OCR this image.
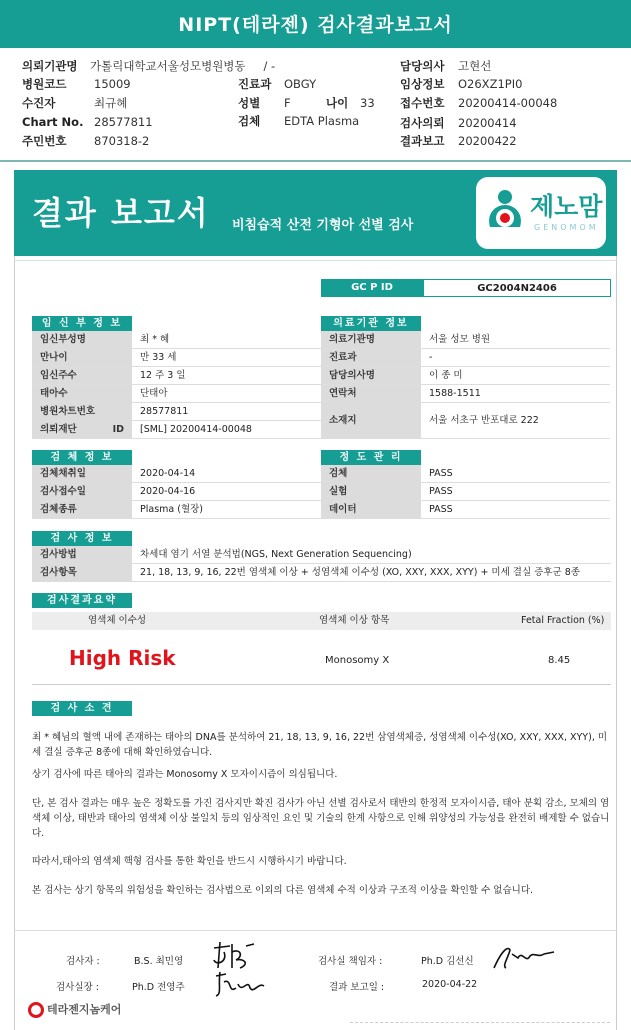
NIPT(테라젠) 검사결과보고서
의뢰기관명 가톨릭대학교서울성모병원병동 / -	담당의사 고현선
병원코드 15009	진료과 OBGY	임상정보 O26XZ1PI0
수진자	최규혜	성별 F	나이 33 접수번호 20200414-00048
Chart No. 28577811	검체 EDTA Plasma	검사의뢰 20200414
주민번호 870318-2	결과보고 20200422
결과 보고서 비침습적 산전 기형아 선별 검사
제노맘
GENOMOM
GC P ID	GC2004N2406
임 신 부 정 보
임신부성명	최 * 혜
만나이	만 33 세
임신주수	12 주 3 일
태아수	단태아
병원차트번호	28577811
의뢰재단 ID	[SML] 20200414-00048
의료기관 정보
의료기관명	서울 성모 병원
진료과	-
담당의사명	이 종 미
연락처	1588-1511
소재지	서울 서초구 반포대로 222
검 체 정 보
검체채취일	2020-04-14
검사접수일	2020-04-16
검체종류	Plasma (혈장)
정 도 관 리
검체	PASS
실험	PASS
데이터	PASS
검 사 정 보
검사방법	차세대 염기 서열 분석법(NGS, Next Generation Sequencing)
검사항목	21, 18, 13, 9, 16, 22번 염색체 이상 + 성염색체 이수성 (XO, XXY, XXX, XYY) + 미세 결실 증후군 8종
검사결과요약
염색체 이수성	염색체 이상 항목	Fetal Fraction (%)
High Risk	Monosomy X	8.45
검 사 소 견
최 * 혜님의 혈액 내에 존재하는 태아의 DNA를 분석하여 21, 18, 13, 9, 16, 22번 삼염색체증, 성염색체 이수성(XO, XXY, XXX, XYY), 미세 결실 증후군 8종에 대해 확인하였습니다.
상기 검사에 따른 태아의 결과는 Monosomy X 모자이시즘이 의심됩니다.
단, 본 검사 결과는 매우 높은 정확도를 가진 검사지만 확진 검사가 아닌 선별 검사로서 태반의 한정적 모자이시즘, 태아 분획 감소, 모체의 염색체 이상, 태반과 태아의 염색체 이상 불일치 등의 임상적인 요인 및 기술의 한계 사항으로 인해 위양성의 가능성을 완전히 배제할 수 없습니다.
따라서,태아의 염색체 핵형 검사를 통한 확인을 반드시 시행하시기 바랍니다.
본 검사는 상기 항목의 위험성을 확인하는 검사법으로 이외의 다른 염색체 수적 이상과 구조적 이상을 확인할 수 없습니다.
검사자 :	B.S. 최민영	검사실 책임자 :	Ph.D 김선신
검사실장 :	Ph.D 전영주	결과 보고일 :	2020-04-22
테라젠지놈케어
